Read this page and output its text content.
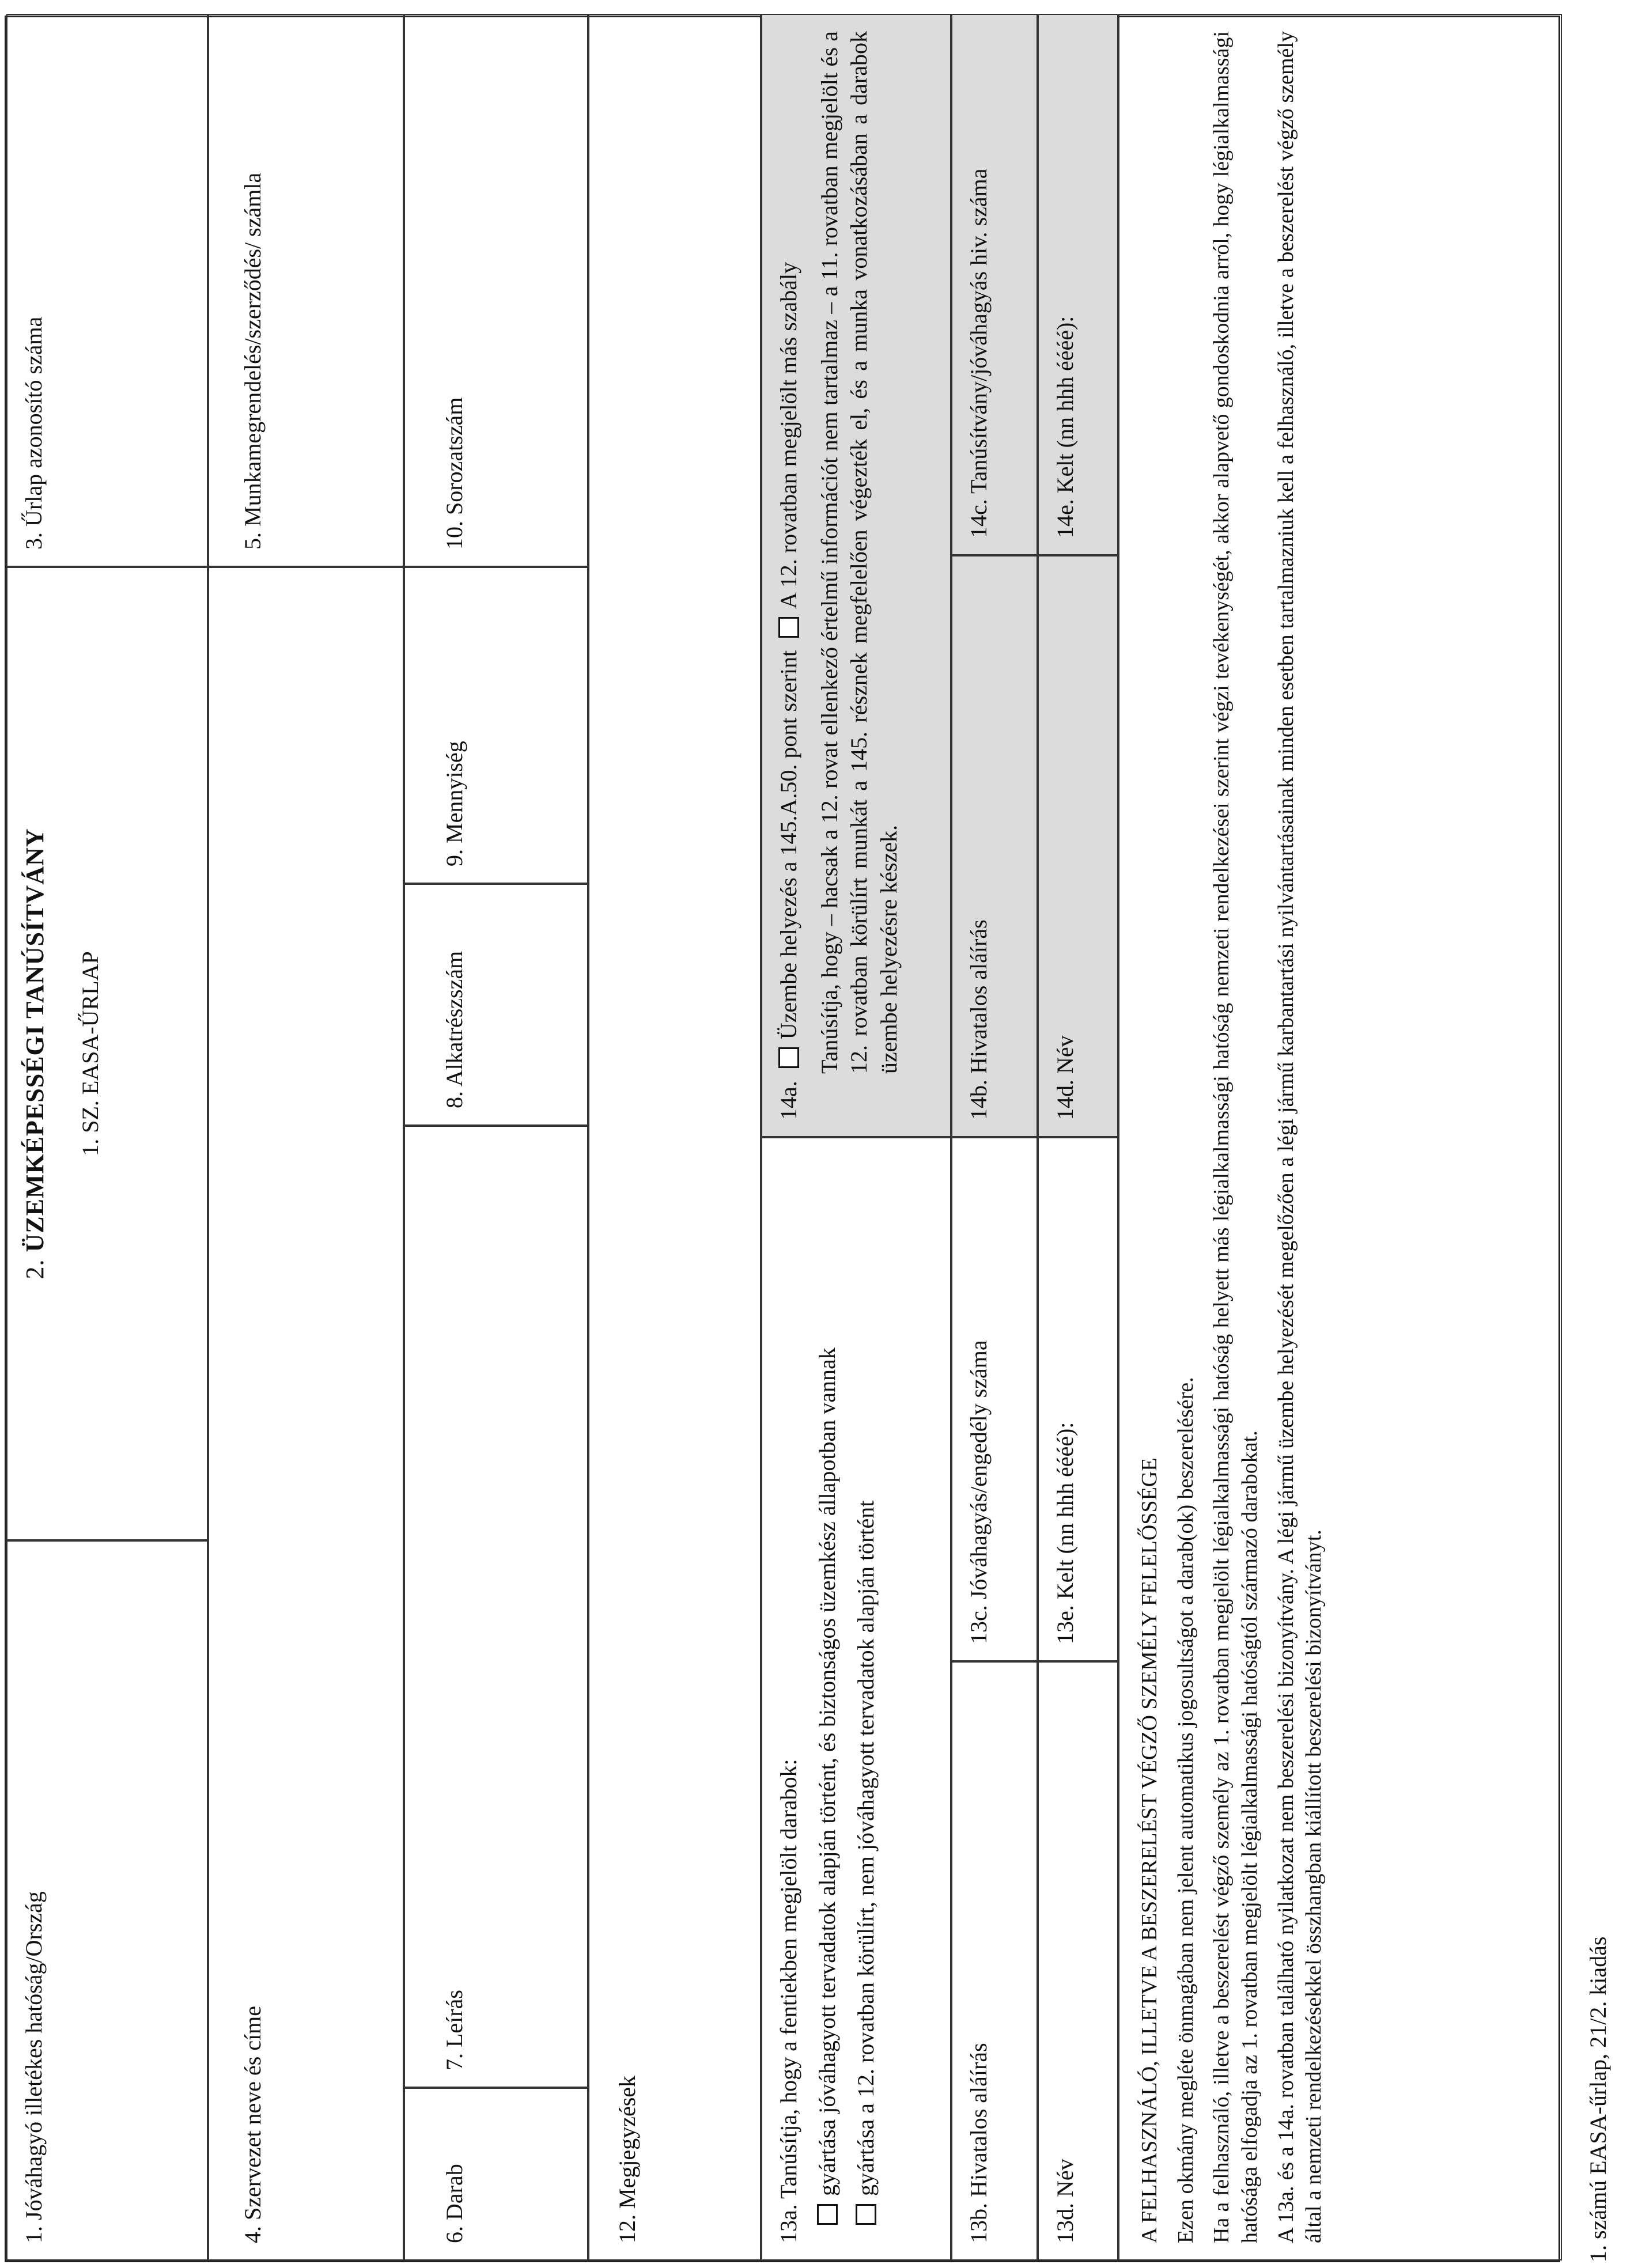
1. Jóváhagyó illetékes hatóság/Ország
2. ÜZEMKÉPESSÉGI TANÚSÍTVÁNY 1. SZ. EASA-ŰRLAP
3. Űrlap azonosító száma
4. Szervezet neve és címe
5. Munkamegrendelés/szerződés/ számla
6. Darab
7. Leírás
8. Alkatrészszám
9. Mennyiség
10. Sorozatszám
12. Megjegyzések	13a. Tanúsítja, hogy a fentiekben megjelölt darabok: gyártása jóváhagyott tervadatok alapján történt, és biztonságos üzemkész állapotban vannak gyártása a 12. rovatban körülírt, nem jóváhagyott tervadatok alapján történt
14a. Üzembe helyezés a 145.A.50. pont szerint A 12. rovatban megjelölt más szabály Tanúsítja, hogy – hacsak a 12. rovat ellenkező értelmű információt nem tartalmaz – a 11. rovatban megjelölt és a 12. rovatban körülírt munkát a 145. résznek megfelelően végezték el, és a munka vonatkozásában a darabok üzembe helyezésre készek.
13b. Hivatalos aláírás
13c. Jóváhagyás/engedély száma
14b. Hivatalos aláírás
14c. Tanúsítvány/jóváhagyás hiv. száma
13d. Név
13e. Kelt (nn hhh éééé):
14d. Név
14e. Kelt (nn hhh éééé):
A FELHASZNÁLÓ, ILLETVE A BESZERELÉST VÉGZŐ SZEMÉLY FELELŐSSÉGE Ezen okmány megléte önmagában nem jelent automatikus jogosultságot a darab(ok) beszerelésére. Ha a felhasználó, illetve a beszerelést végző személy az 1. rovatban megjelölt légialkalmassági hatóság helyett más légialkalmassági hatóság nemzeti rendelkezései szerint végzi tevékenységét, akkor alapvető gondoskodnia arról, hogy légialkalmassági hatósága elfogadja az 1. rovatban megjelölt légialkalmassági hatóságtól származó darabokat. A 13a. és a 14a. rovatban található nyilatkozat nem beszerelési bizonyítvány. A légi jármű üzembe helyezését megelőzően a légi jármű karbantartási nyilvántartásainak minden esetben tartalmazniuk kell a felhasználó, illetve a beszerelést végző személy által a nemzeti rendelkezésekkel összhangban kiállított beszerelési bizonyítványt.	1. számú EASA-űrlap, 21/2. kiadás
